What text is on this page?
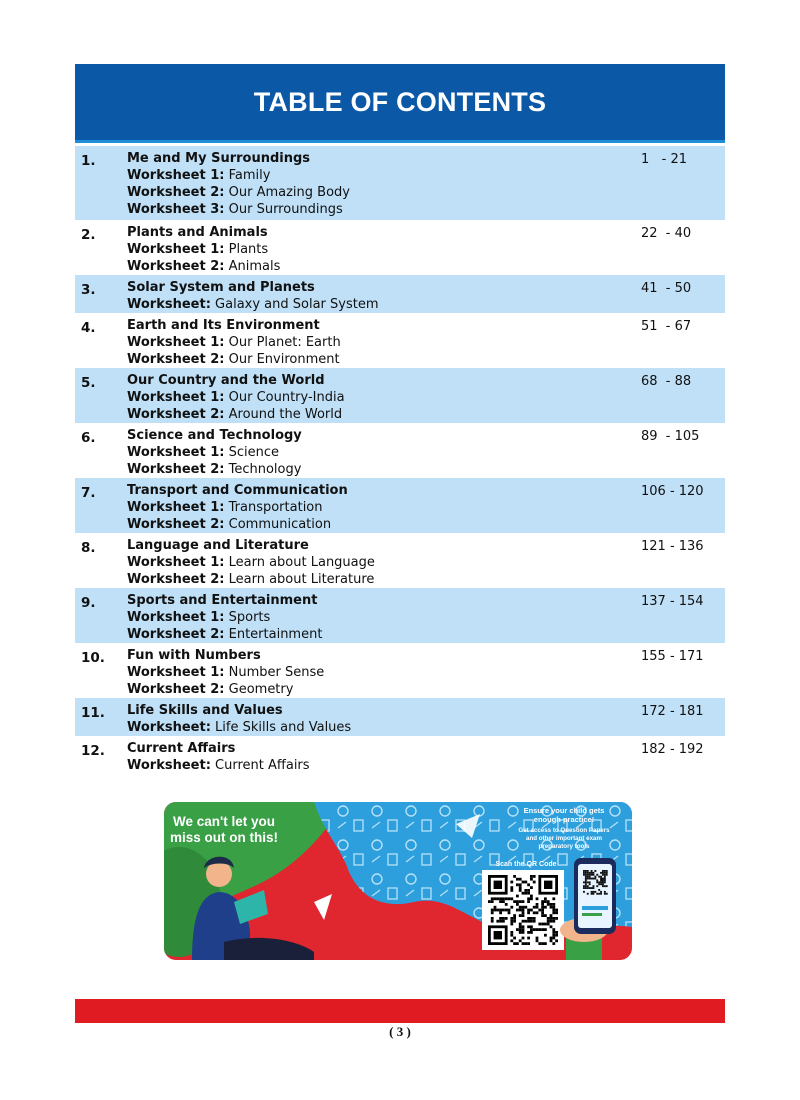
TABLE OF CONTENTS
1. Me and My Surroundings
Worksheet 1: Family
Worksheet 2: Our Amazing Body
Worksheet 3: Our Surroundings
1   - 21
2. Plants and Animals
Worksheet 1: Plants
Worksheet 2: Animals
22  - 40
3. Solar System and Planets
Worksheet: Galaxy and Solar System
41  - 50
4. Earth and Its Environment
Worksheet 1: Our Planet: Earth
Worksheet 2: Our Environment
51  - 67
5. Our Country and the World
Worksheet 1: Our Country-India
Worksheet 2: Around the World
68  - 88
6. Science and Technology
Worksheet 1: Science
Worksheet 2: Technology
89  - 105
7. Transport and Communication
Worksheet 1: Transportation
Worksheet 2: Communication
106 - 120
8. Language and Literature
Worksheet 1: Learn about Language
Worksheet 2: Learn about Literature
121 - 136
9. Sports and Entertainment
Worksheet 1: Sports
Worksheet 2: Entertainment
137 - 154
10. Fun with Numbers
Worksheet 1: Number Sense
Worksheet 2: Geometry
155 - 171
11. Life Skills and Values
Worksheet: Life Skills and Values
172 - 181
12. Current Affairs
Worksheet: Current Affairs
182 - 192
We can't let you
miss out on this!
Ensure your child gets
enough practice!
Get access to Question Papers
and other important exam
preparatory tools
Scan the QR Code
( 3 )
